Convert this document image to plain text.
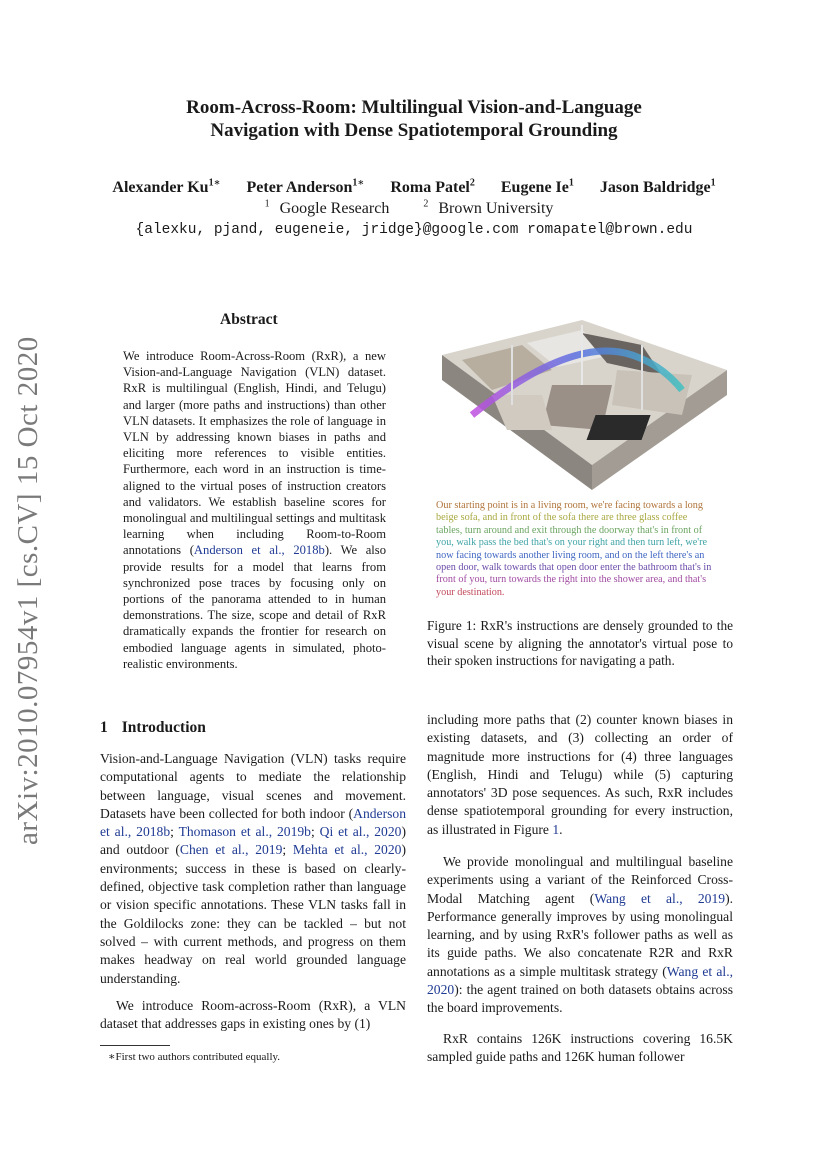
Room-Across-Room: Multilingual Vision-and-Language
Navigation with Dense Spatiotemporal Grounding
Alexander $Ku^{1∗}$ Peter Anderson$^{1∗}$ Roma Patel$^2$ Eugene Ie$^1$ Jason Baldridge$^1$
$^1$ Google Research	$^2$ Brown University
{alexku, pjand, eugeneie, jridge}@google.com romapatel@brown.edu
arXiv:2010.07954v1 [cs.CV] 15 Oct 2020
Abstract
We introduce Room-Across-Room (RxR), a new Vision-and-Language Navigation (VLN) dataset. RxR is multilingual (English, Hindi, and Telugu) and larger (more paths and instructions) than other VLN datasets. It emphasizes the role of language in VLN by addressing known biases in paths and eliciting more references to visible entities. Furthermore, each word in an instruction is time-aligned to the virtual poses of instruction creators and validators. We establish baseline scores for monolingual and multilingual settings and multitask learning when including Room-to-Room annotations (Anderson et al., 2018b). We also provide results for a model that learns from synchronized pose traces by focusing only on portions of the panorama attended to in human demonstrations. The size, scope and detail of RxR dramatically expands the frontier for research on embodied language agents in simulated, photo-realistic environments.
Our starting point is in a living room, we're facing towards a long
beige sofa, and in front of the sofa there are three glass coffee
tables, turn around and exit through the doorway that's in front of
you, walk pass the bed that's on your right and then turn left, we're
now facing towards another living room, and on the left there's an
open door, walk towards that open door enter the bathroom that's in
front of you, turn towards the right into the shower area, and that's
your destination.
Figure 1: RxR's instructions are densely grounded to the visual scene by aligning the annotator's virtual pose to their spoken instructions for navigating a path.
1 Introduction
Vision-and-Language Navigation (VLN) tasks require computational agents to mediate the relationship between language, visual scenes and movement. Datasets have been collected for both indoor (Anderson et al., 2018b; Thomason et al., 2019b; Qi et al., 2020) and outdoor (Chen et al., 2019; Mehta et al., 2020) environments; success in these is based on clearly-defined, objective task completion rather than language or vision specific annotations. These VLN tasks fall in the Goldilocks zone: they can be tackled – but not solved – with current methods, and progress on them makes headway on real world grounded language understanding.
We introduce Room-across-Room (RxR), a VLN dataset that addresses gaps in existing ones by (1)
∗First two authors contributed equally.
including more paths that (2) counter known biases in existing datasets, and (3) collecting an order of magnitude more instructions for (4) three languages (English, Hindi and Telugu) while (5) capturing annotators' 3D pose sequences. As such, RxR includes dense spatiotemporal grounding for every instruction, as illustrated in Figure 1.
We provide monolingual and multilingual baseline experiments using a variant of the Reinforced Cross-Modal Matching agent (Wang et al., 2019). Performance generally improves by using monolingual learning, and by using RxR's follower paths as well as its guide paths. We also concatenate R2R and RxR annotations as a simple multitask strategy (Wang et al., 2020): the agent trained on both datasets obtains across the board improvements.
RxR contains 126K instructions covering 16.5K sampled guide paths and 126K human follower
